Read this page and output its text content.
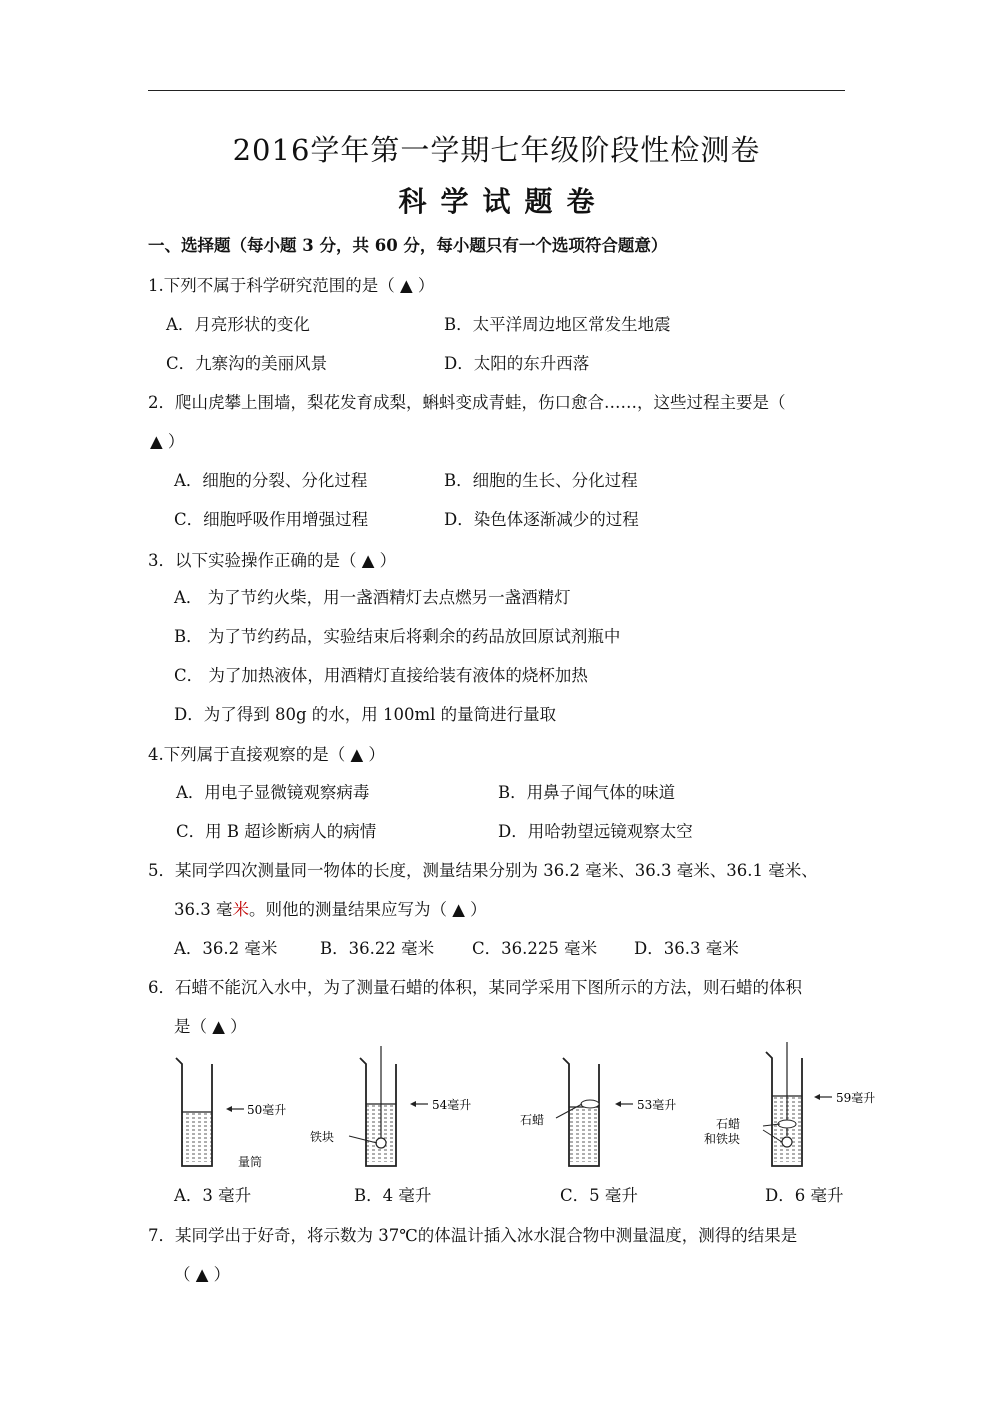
2016学年第一学期七年级阶段性检测卷
科学试题卷
一、选择题（每小题 3 分，共 60 分，每小题只有一个选项符合题意）
1.下列不属于科学研究范围的是（ ▲ ）
A．月亮形状的变化	B．太平洋周边地区常发生地震
C．九寨沟的美丽风景	D．太阳的东升西落
2．爬山虎攀上围墙，梨花发育成梨，蝌蚪变成青蛙，伤口愈合……，这些过程主要是（
▲ ）
A．细胞的分裂、分化过程	B．细胞的生长、分化过程
C．细胞呼吸作用增强过程	D．染色体逐渐减少的过程
3．以下实验操作正确的是（ ▲ ）
A． 为了节约火柴，用一盏酒精灯去点燃另一盏酒精灯
B． 为了节约药品，实验结束后将剩余的药品放回原试剂瓶中
C． 为了加热液体，用酒精灯直接给装有液体的烧杯加热
D．为了得到 80g 的水，用 100ml 的量筒进行量取
4.下列属于直接观察的是（ ▲ ）
A．用电子显微镜观察病毒	B．用鼻子闻气体的味道
C．用 B 超诊断病人的病情	D．用哈勃望远镜观察太空
5．某同学四次测量同一物体的长度，测量结果分别为 36.2 毫米、36.3 毫米、36.1 毫米、
36.3 毫米。则他的测量结果应写为（ ▲ ）
A．36.2 毫米	B．36.22 毫米 C．36.225 毫米 D．36.3 毫米
6．石蜡不能沉入水中，为了测量石蜡的体积，某同学采用下图所示的方法，则石蜡的体积
是（ ▲ ）
50毫升
量筒
铁块
54毫升
石蜡
53毫升
石蜡
和铁块
59毫升
A．3 毫升	B．4 毫升	C．5 毫升	D．6 毫升
7．某同学出于好奇，将示数为 37℃的体温计插入冰水混合物中测量温度，测得的结果是
（ ▲ ）
